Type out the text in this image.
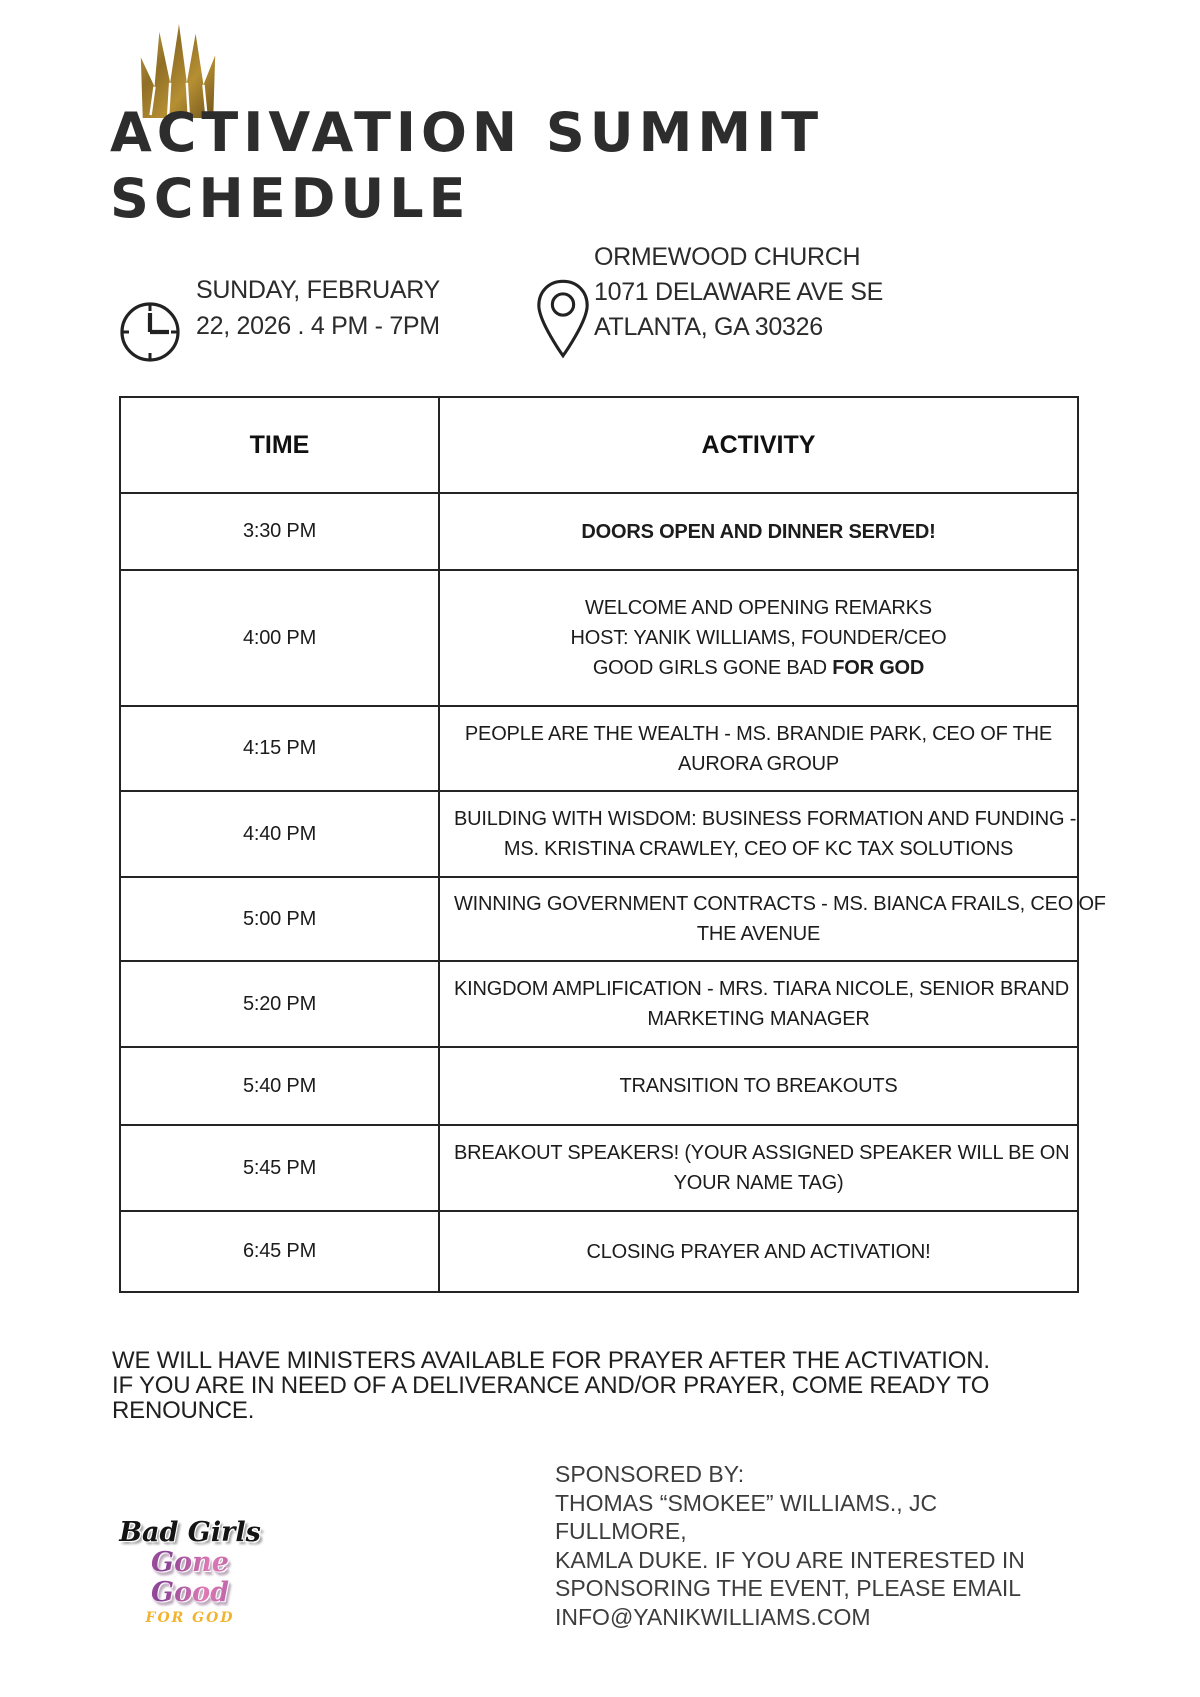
ACTIVATION SUMMIT
SCHEDULE
SUNDAY, FEBRUARY
22, 2026 . 4 PM - 7PM
ORMEWOOD CHURCH
1071 DELAWARE AVE SE
ATLANTA, GA 30326
TIME	ACTIVITY
3:30 PM	DOORS OPEN AND DINNER SERVED!

4:00 PM	WELCOME AND OPENING REMARKS
HOST: YANIK WILLIAMS, FOUNDER/CEO
GOOD GIRLS GONE BAD FOR GOD

4:15 PM	PEOPLE ARE THE WEALTH - MS. BRANDIE PARK, CEO OF THE
AURORA GROUP

4:40 PM	BUILDING WITH WISDOM: BUSINESS FORMATION AND FUNDING -
MS. KRISTINA CRAWLEY, CEO OF KC TAX SOLUTIONS

5:00 PM	WINNING GOVERNMENT CONTRACTS - MS. BIANCA FRAILS, CEO OF
THE AVENUE

5:20 PM	KINGDOM AMPLIFICATION - MRS. TIARA NICOLE, SENIOR BRAND
MARKETING MANAGER

5:40 PM	TRANSITION TO BREAKOUTS

5:45 PM	BREAKOUT SPEAKERS! (YOUR ASSIGNED SPEAKER WILL BE ON
YOUR NAME TAG)

6:45 PM	CLOSING PRAYER AND ACTIVATION!
WE WILL HAVE MINISTERS AVAILABLE FOR PRAYER AFTER THE ACTIVATION.
IF YOU ARE IN NEED OF A DELIVERANCE AND/OR PRAYER, COME READY TO
RENOUNCE.
Bad Girls
Gone Good
FOR GOD
SPONSORED BY:
THOMAS “SMOKEE” WILLIAMS., JC FULLMORE,
KAMLA DUKE. IF YOU ARE INTERESTED IN
SPONSORING THE EVENT, PLEASE EMAIL
INFO@YANIKWILLIAMS.COM
